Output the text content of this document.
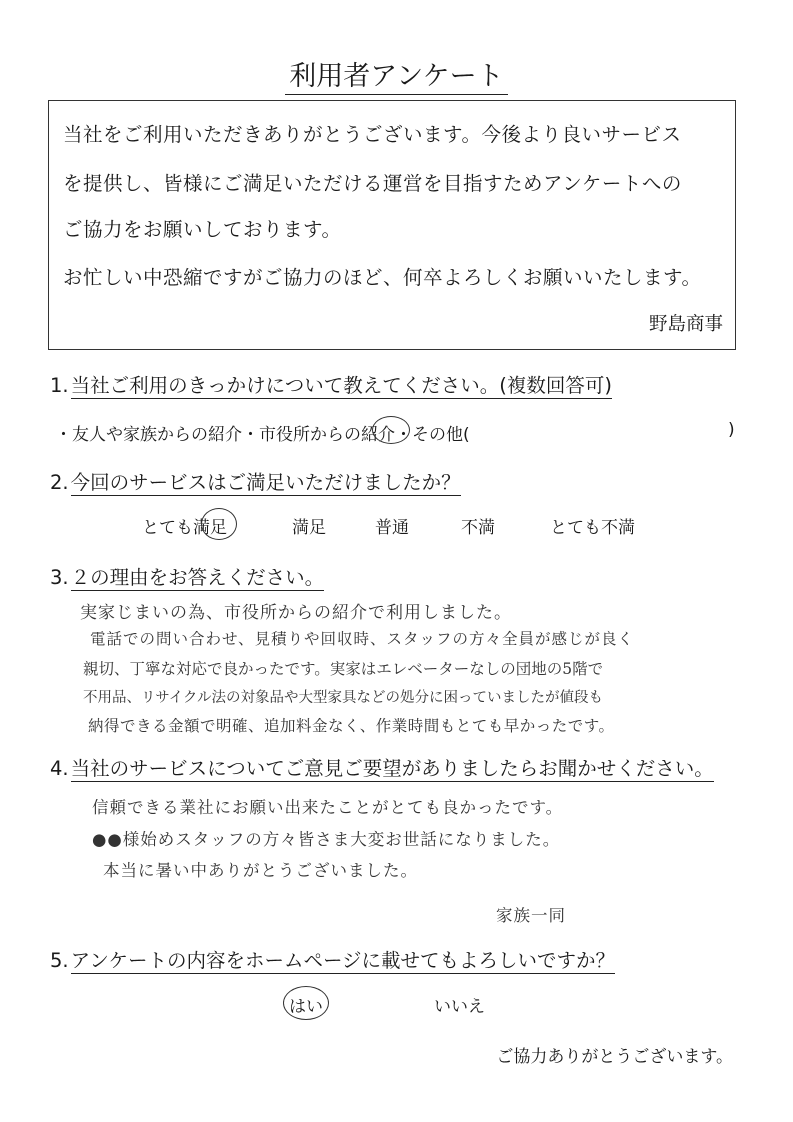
利用者アンケート
当社をご利用いただきありがとうございます。今後より良いサービス
を提供し、皆様にご満足いただける運営を目指すためアンケートへの
ご協力をお願いしております。
お忙しい中恐縮ですがご協力のほど、何卒よろしくお願いいたします。
野島商事
1. 当社ご利用のきっかけについて教えてください。(複数回答可)
・友人や家族からの紹介・市役所からの紹介・その他(	)
2. 今回のサービスはご満足いただけましたか？
とても満足	満足	普通	不満	とても不満
3. ２の理由をお答えください。
実家じまいの為、市役所からの紹介で利用しました。
電話での問い合わせ、見積りや回収時、スタッフの方々全員が感じが良く
親切、丁寧な対応で良かったです。実家はエレベーターなしの団地の5階で
不用品、リサイクル法の対象品や大型家具などの処分に困っていましたが値段も
納得できる金額で明確、追加料金なく、作業時間もとても早かったです。
4. 当社のサービスについてご意見ご要望がありましたらお聞かせください。
信頼できる業社にお願い出来たことがとても良かったです。
●●様始めスタッフの方々皆さま大変お世話になりました。
本当に暑い中ありがとうございました。
家族一同
5. アンケートの内容をホームページに載せてもよろしいですか？
はい	いいえ
ご協力ありがとうございます。
